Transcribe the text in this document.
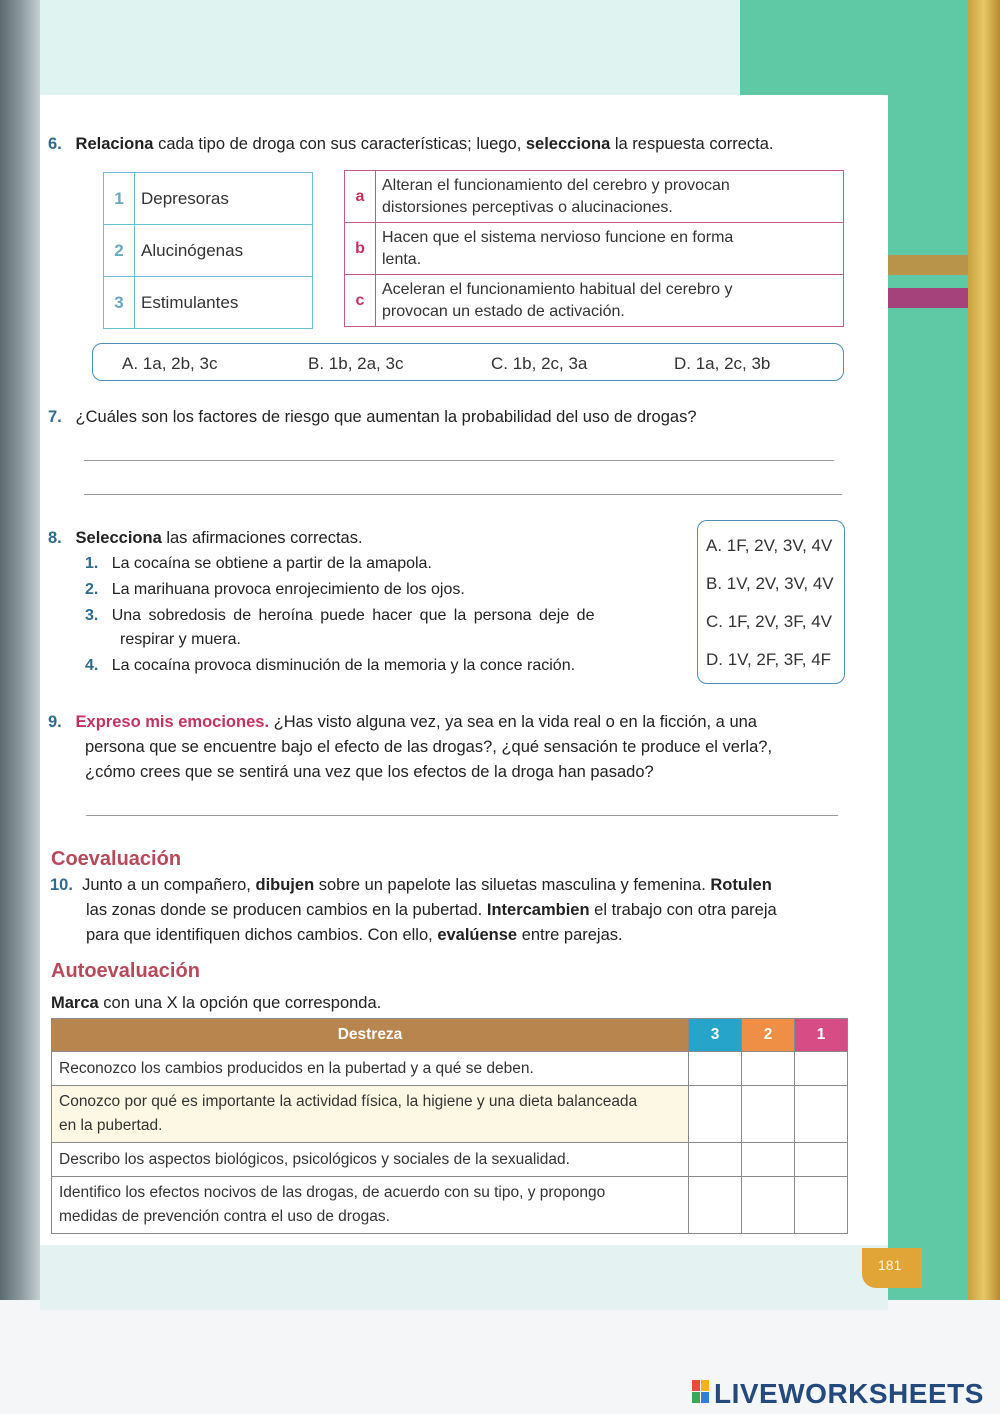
181
6. Relaciona cada tipo de droga con sus características; luego, selecciona la respuesta correcta.
1	Depresoras
2	Alucinógenas
3	Estimulantes
a	Alteran el funcionamiento del cerebro y provocan
distorsiones perceptivas o alucinaciones.

b	Hacen que el sistema nervioso funcione en forma
lenta.

c	Aceleran el funcionamiento habitual del cerebro y
provocan un estado de activación.
A. 1a, 2b, 3c	B. 1b, 2a, 3c	C. 1b, 2c, 3a	D. 1a, 2c, 3b
7. ¿Cuáles son los factores de riesgo que aumentan la probabilidad del uso de drogas?
8. Selecciona las afirmaciones correctas.
1. La cocaína se obtiene a partir de la amapola.
2. La marihuana provoca enrojecimiento de los ojos.
3. Una sobredosis de heroína puede hacer que la persona deje de
respirar y muera.
4. La cocaína provoca disminución de la memoria y la conce ración.
A. 1F, 2V, 3V, 4V
B. 1V, 2V, 3V, 4V
C. 1F, 2V, 3F, 4V
D. 1V, 2F, 3F, 4F
9. Expreso mis emociones. ¿Has visto alguna vez, ya sea en la vida real o en la ficción, a una
persona que se encuentre bajo el efecto de las drogas?, ¿qué sensación te produce el verla?,
¿cómo crees que se sentirá una vez que los efectos de la droga han pasado?
Coevaluación
10. Junto a un compañero, dibujen sobre un papelote las siluetas masculina y femenina. Rotulen
las zonas donde se producen cambios en la pubertad. Intercambien el trabajo con otra pareja
para que identifiquen dichos cambios. Con ello, evalúense entre parejas.
Autoevaluación
Marca con una X la opción que corresponda.
Destreza	3	2	1
Reconozco los cambios producidos en la pubertad y a qué se deben.			

Conozco por qué es importante la actividad física, la higiene y una dieta balanceada
en la pubertad.			

Describo los aspectos biológicos, psicológicos y sociales de la sexualidad.			

Identifico los efectos nocivos de las drogas, de acuerdo con su tipo, y propongo
medidas de prevención contra el uso de drogas.			

LIVEWORKSHEETS
